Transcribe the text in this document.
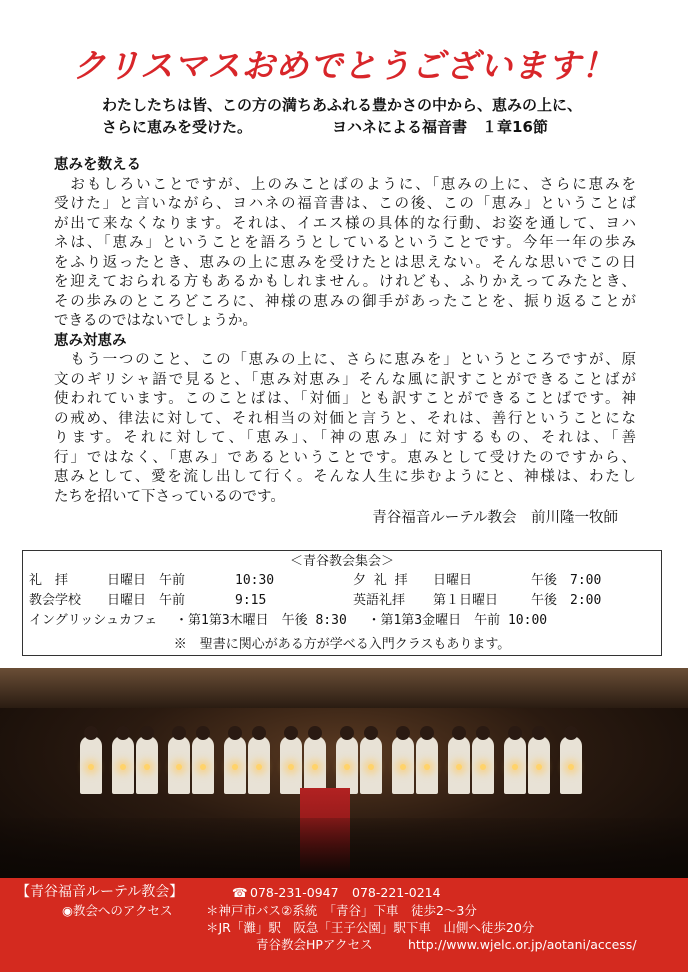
クリスマスおめでとうございます！
わたしたちは皆、この方の満ちあふれる豊かさの中から、恵みの上に、
さらに恵みを受けた。	ヨハネによる福音書　１章16節
恵みを数える
　おもしろいことですが、上のみことばのように、「恵みの上に、さらに恵みを
受けた」と言いながら、ヨハネの福音書は、この後、この「恵み」ということば
が出て来なくなります。それは、イエス様の具体的な行動、お姿を通して、ヨハ
ネは、「恵み」ということを語ろうとしているということです。今年一年の歩み
をふり返ったとき、恵みの上に恵みを受けたとは思えない。そんな思いでこの日
を迎えておられる方もあるかもしれません。けれども、ふりかえってみたとき、
その歩みのところどころに、神様の恵みの御手があったことを、振り返ることが
できるのではないでしょうか。
恵み対恵み
　もう一つのこと、この「恵みの上に、さらに恵みを」というところですが、原
文のギリシャ語で見ると、「恵み対恵み」そんな風に訳すことができることばが
使われています。このことばは、「対価」とも訳すことができることばです。神
の戒め、律法に対して、それ相当の対価と言うと、それは、善行ということにな
ります。それに対して、「恵み」、「神の恵み」に対するもの、それは、「善
行」ではなく、「恵み」であるということです。恵みとして受けたのですから、
恵みとして、愛を流し出して行く。そんな人生に歩むようにと、神様は、わたし
たちを招いて下さっているのです。
青谷福音ルーテル教会　前川隆一牧師
＜青谷教会集会＞
礼　拝	日曜日　午前	10:30	夕 礼 拝 日曜日	午後　7:00
教会学校 日曜日　午前	9:15	英語礼拝 第１日曜日	午後　2:00
イングリッシュカフェ ・第1第3木曜日　午後 8:30 ・第1第3金曜日　午前 10:00
※　聖書に関心がある方が学べる入門クラスもあります。
【青谷福音ルーテル教会】	☎ 078-231-0947 078-221-0214
◉教会へのアクセス	＊神戸市バス②系統　「青谷」下車　徒歩2～3分
＊JR「灘」駅　阪急「王子公園」駅下車　山側へ徒歩20分
青谷教会HPアクセス	http://www.wjelc.or.jp/aotani/access/
